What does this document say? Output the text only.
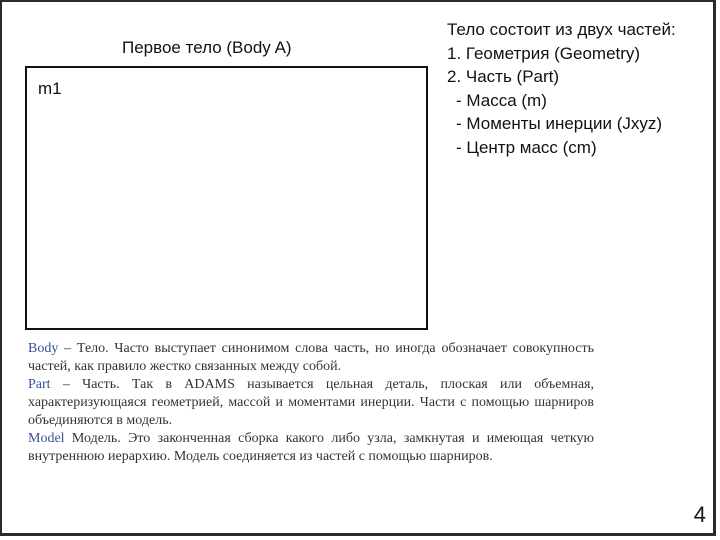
Первое тело (Body A)
m1
Тело состоит из двух частей:
1. Геометрия (Geometry)
2. Часть (Part)
- Масса (m)
- Моменты инерции (Jxyz)
- Центр масс (cm)

Body – Тело. Часто выступает синонимом слова часть, но иногда обозначает совокупность частей, как правило жестко связанных между собой.

Part – Часть. Так в ADAMS называется цельная деталь, плоская или объемная, характеризующаяся геометрией, массой и моментами инерции. Части с помощью шарниров объединяются в модель.

Model Модель. Это законченная сборка какого либо узла, замкнутая и имеющая четкую внутреннюю иерархию. Модель соединяется из частей с помощью шарниров.

4
